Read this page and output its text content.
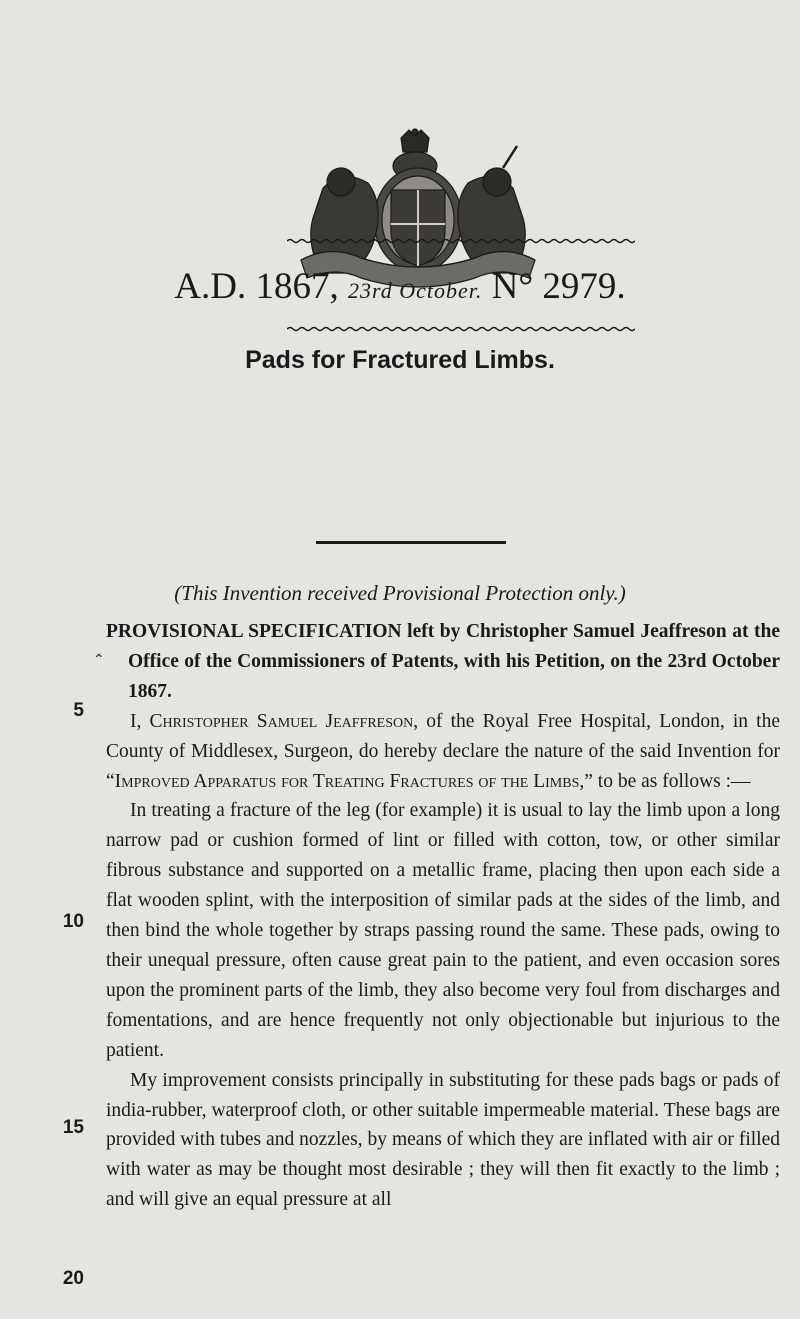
A.D. 1867, 23rd October. N° 2979.
Pads for Fractured Limbs.
(This Invention received Provisional Protection only.)
⌃

PROVISIONAL SPECIFICATION left by Christopher Samuel Jeaffreson at the Office of the Commissioners of Patents, with his Petition, on the 23rd October 1867.

I, Christopher Samuel Jeaffreson, of the Royal Free Hospital, London, in the County of Middlesex, Surgeon, do hereby declare the nature of the said Invention for “Improved Apparatus for Treating Fractures of the Limbs,” to be as follows :—

In treating a fracture of the leg (for example) it is usual to lay the limb upon a long narrow pad or cushion formed of lint or filled with cotton, tow, or other similar fibrous substance and supported on a metallic frame, placing then upon each side a flat wooden splint, with the interposition of similar pads at the sides of the limb, and then bind the whole together by straps passing round the same. These pads, owing to their unequal pressure, often cause great pain to the patient, and even occasion sores upon the prominent parts of the limb, they also become very foul from discharges and fomentations, and are hence frequently not only objectionable but injurious to the patient.

My improvement consists principally in substituting for these pads bags or pads of india-rubber, waterproof cloth, or other suitable impermeable material. These bags are provided with tubes and nozzles, by means of which they are inflated with air or filled with water as may be thought most desirable ; they will then fit exactly to the limb ; and will give an equal pressure at all

5
10
15
20
